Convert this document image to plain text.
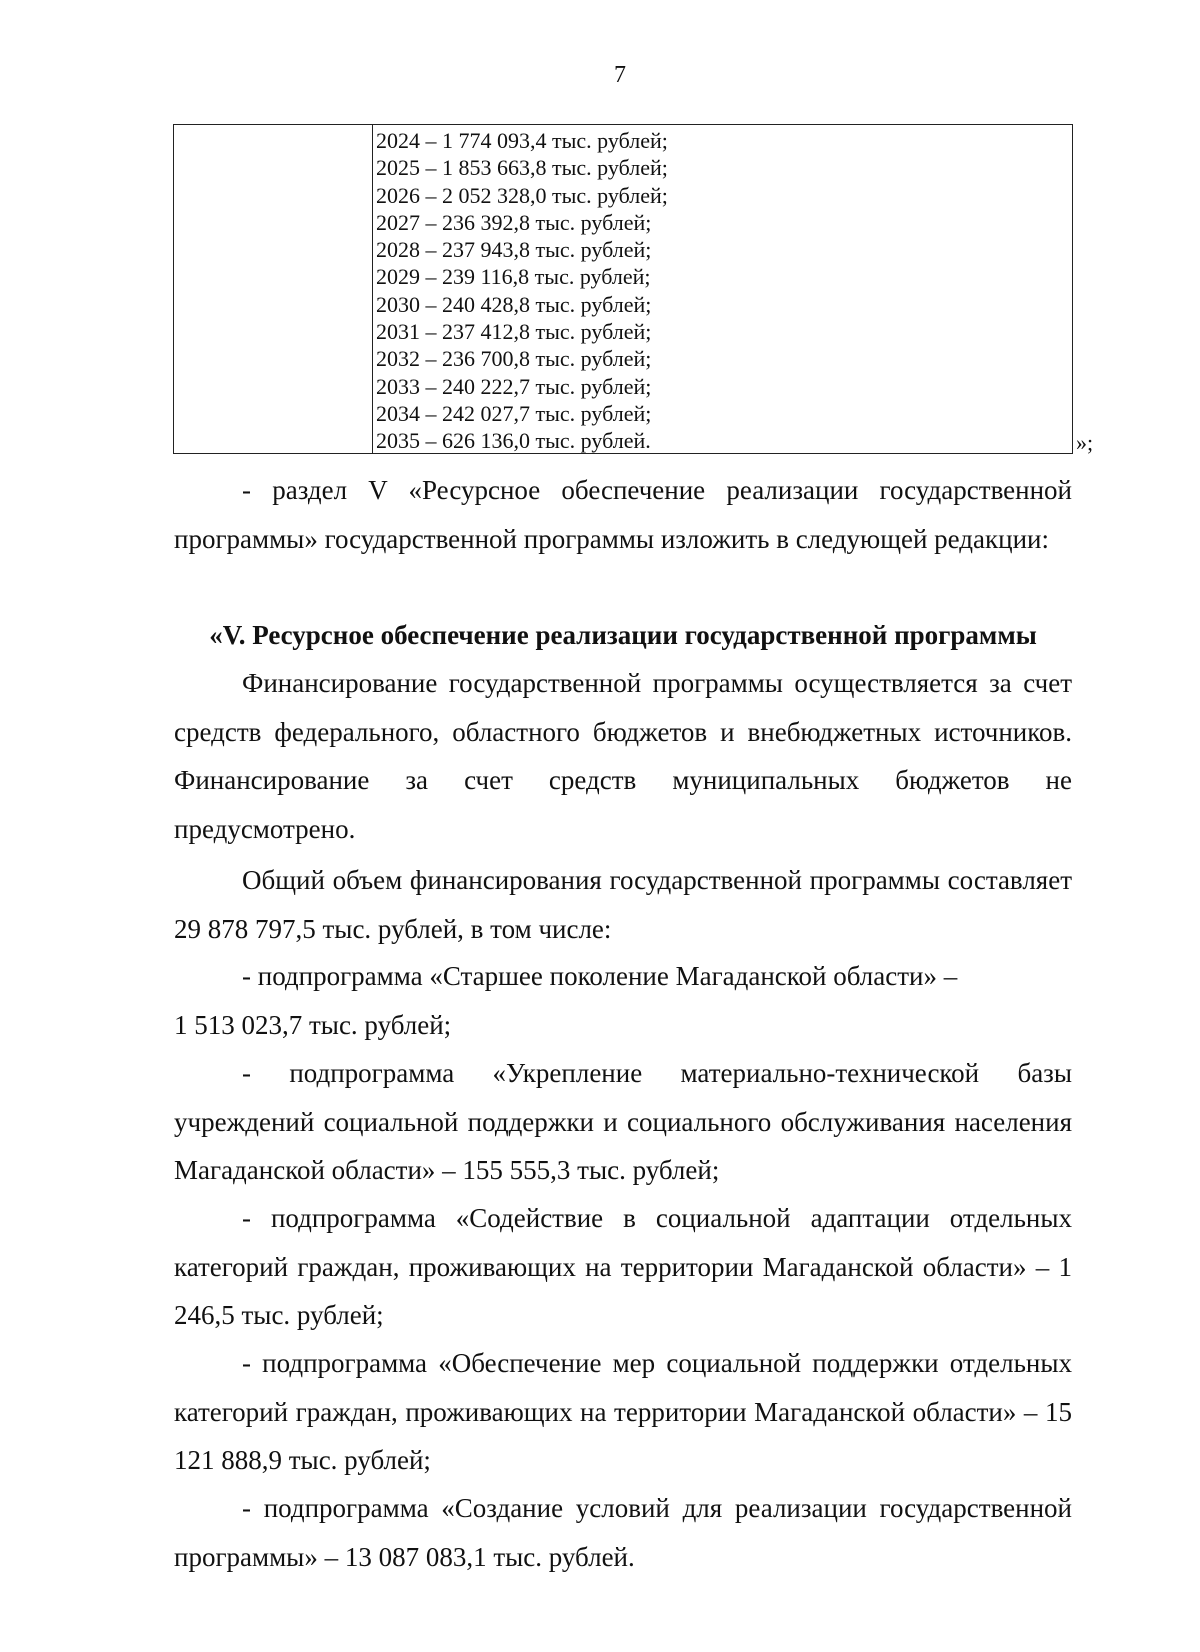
7
2024 – 1 774 093,4 тыс. рублей;
2025 – 1 853 663,8 тыс. рублей;
2026 – 2 052 328,0 тыс. рублей;
2027 – 236 392,8 тыс. рублей;
2028 – 237 943,8 тыс. рублей;
2029 – 239 116,8 тыс. рублей;
2030 – 240 428,8 тыс. рублей;
2031 – 237 412,8 тыс. рублей;
2032 – 236 700,8 тыс. рублей;
2033 – 240 222,7 тыс. рублей;
2034 – 242 027,7 тыс. рублей;
2035 – 626 136,0 тыс. рублей.	»;

- раздел V «Ресурсное обеспечение реализации государственной программы» государственной программы изложить в следующей редакции:

«V. Ресурсное обеспечение реализации государственной программы

Финансирование государственной программы осуществляется за счет средств федерального, областного бюджетов и внебюджетных источников. Финансирование за счет средств муниципальных бюджетов не предусмотрено.

Общий объем финансирования государственной программы составляет 29 878 797,5 тыс. рублей, в том числе:

- подпрограмма «Старшее поколение Магаданской области» –
1 513 023,7 тыс. рублей;

- подпрограмма «Укрепление материально-технической базы учреждений социальной поддержки и социального обслуживания населения Магаданской области» – 155 555,3 тыс. рублей;

- подпрограмма «Содействие в социальной адаптации отдельных категорий граждан, проживающих на территории Магаданской области» – 1 246,5 тыс. рублей;

- подпрограмма «Обеспечение мер социальной поддержки отдельных категорий граждан, проживающих на территории Магаданской области» – 15 121 888,9 тыс. рублей;

- подпрограмма «Создание условий для реализации государственной программы» – 13 087 083,1 тыс. рублей.
